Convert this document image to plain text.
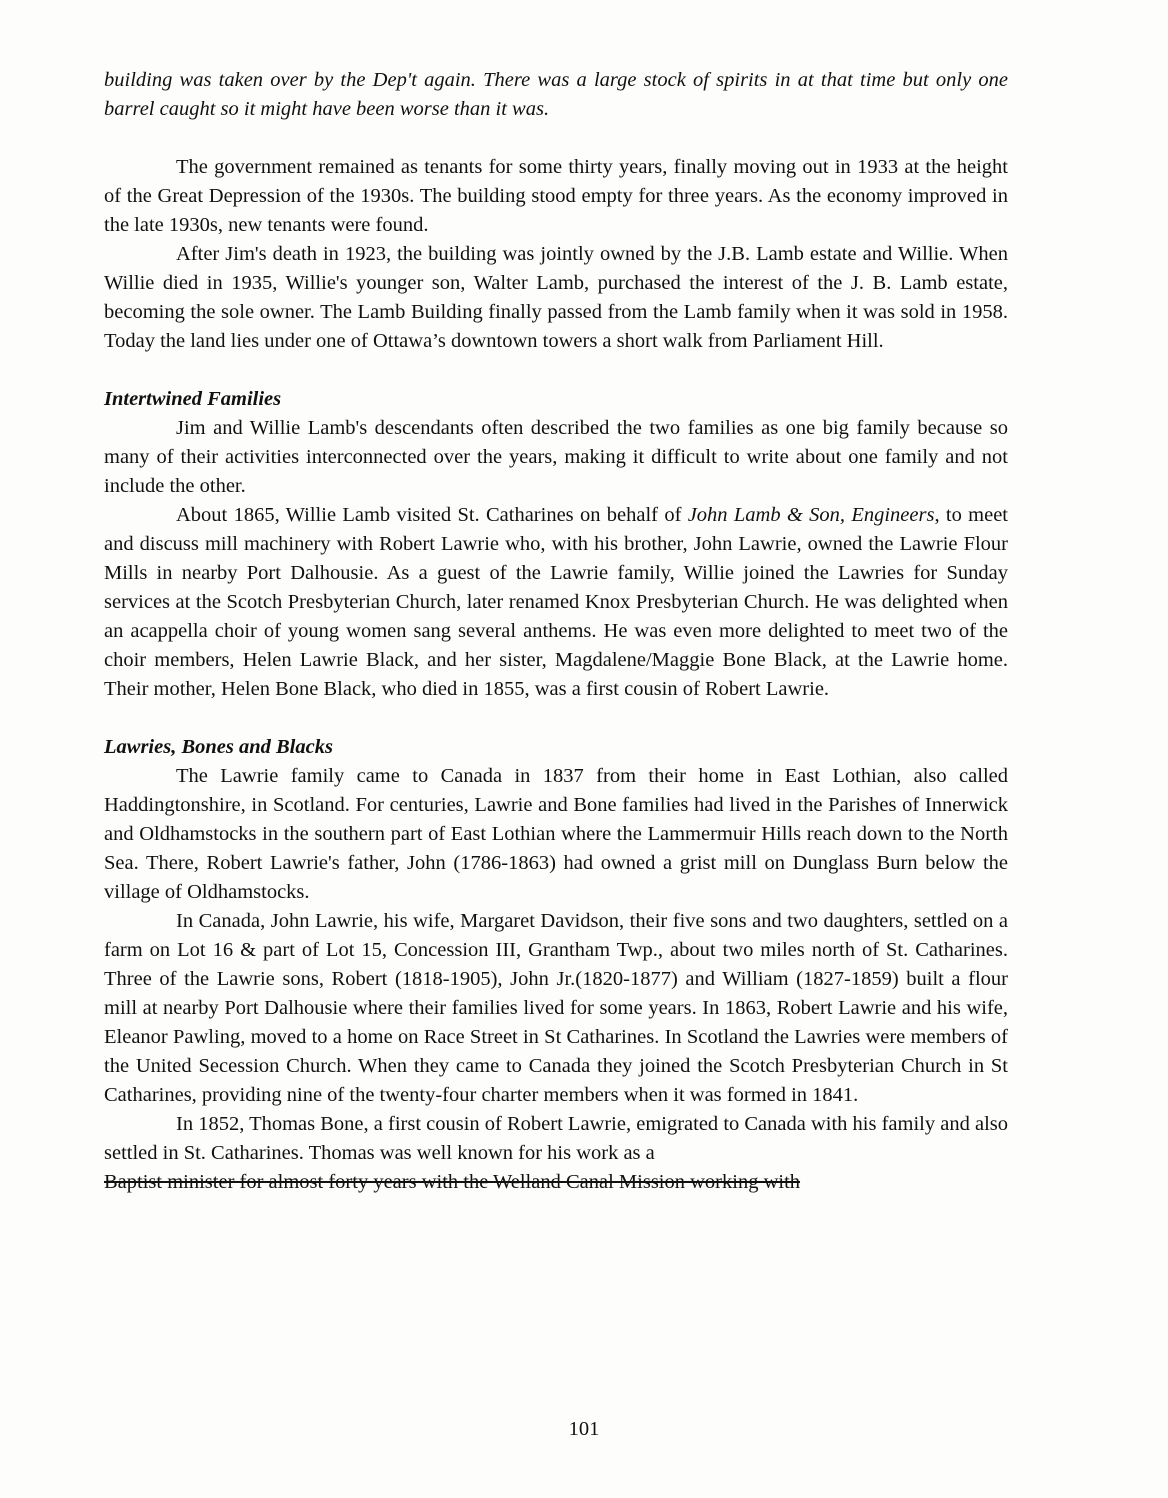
building was taken over by the Dep't again. There was a large stock of spirits in at that time but only one barrel caught so it might have been worse than it was.

The government remained as tenants for some thirty years, finally moving out in 1933 at the height of the Great Depression of the 1930s. The building stood empty for three years. As the economy improved in the late 1930s, new tenants were found.

After Jim's death in 1923, the building was jointly owned by the J.B. Lamb estate and Willie. When Willie died in 1935, Willie's younger son, Walter Lamb, purchased the interest of the J. B. Lamb estate, becoming the sole owner. The Lamb Building finally passed from the Lamb family when it was sold in 1958. Today the land lies under one of Ottawa’s downtown towers a short walk from Parliament Hill.

Intertwined Families

Jim and Willie Lamb's descendants often described the two families as one big family because so many of their activities interconnected over the years, making it difficult to write about one family and not include the other.

About 1865, Willie Lamb visited St. Catharines on behalf of John Lamb & Son, Engineers, to meet and discuss mill machinery with Robert Lawrie who, with his brother, John Lawrie, owned the Lawrie Flour Mills in nearby Port Dalhousie. As a guest of the Lawrie family, Willie joined the Lawries for Sunday services at the Scotch Presbyterian Church, later renamed Knox Presbyterian Church. He was delighted when an acappella choir of young women sang several anthems. He was even more delighted to meet two of the choir members, Helen Lawrie Black, and her sister, Magdalene/Maggie Bone Black, at the Lawrie home. Their mother, Helen Bone Black, who died in 1855, was a first cousin of Robert Lawrie.

Lawries, Bones and Blacks

The Lawrie family came to Canada in 1837 from their home in East Lothian, also called Haddingtonshire, in Scotland. For centuries, Lawrie and Bone families had lived in the Parishes of Innerwick and Oldhamstocks in the southern part of East Lothian where the Lammermuir Hills reach down to the North Sea. There, Robert Lawrie's father, John (1786-1863) had owned a grist mill on Dunglass Burn below the village of Oldhamstocks.

In Canada, John Lawrie, his wife, Margaret Davidson, their five sons and two daughters, settled on a farm on Lot 16 & part of Lot 15, Concession III, Grantham Twp., about two miles north of St. Catharines. Three of the Lawrie sons, Robert (1818-1905), John Jr.(1820-1877) and William (1827-1859) built a flour mill at nearby Port Dalhousie where their families lived for some years. In 1863, Robert Lawrie and his wife, Eleanor Pawling, moved to a home on Race Street in St Catharines. In Scotland the Lawries were members of the United Secession Church. When they came to Canada they joined the Scotch Presbyterian Church in St Catharines, providing nine of the twenty-four charter members when it was formed in 1841.

In 1852, Thomas Bone, a first cousin of Robert Lawrie, emigrated to Canada with his family and also settled in St. Catharines. Thomas was well known for his work as a

Baptist minister for almost forty years with the Welland Canal Mission working with

101
